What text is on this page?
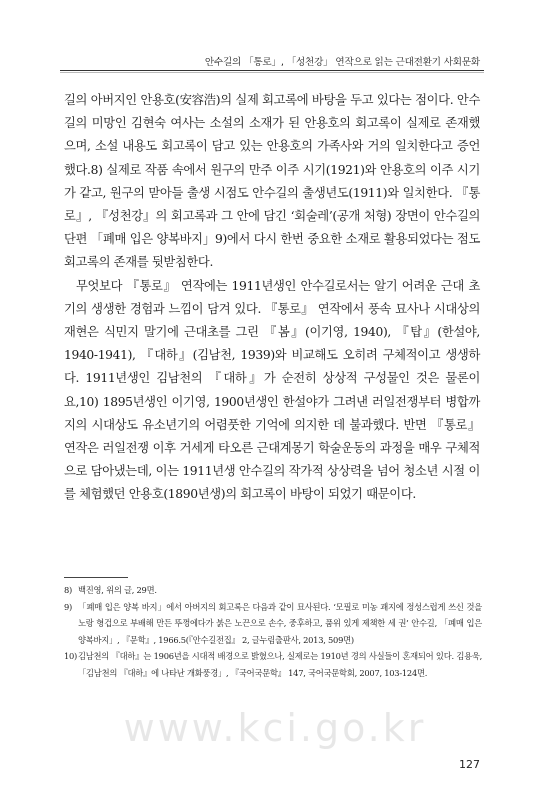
안수길의 「통로」, 「성천강」 연작으로 읽는 근대전환기 사회문화

길의 아버지인 안용호(安容浩)의 실제 회고록에 바탕을 두고 있다는 점이다. 안수길의 미망인 김현숙 여사는 소설의 소재가 된 안용호의 회고록이 실제로 존재했으며, 소설 내용도 회고록이 담고 있는 안용호의 가족사와 거의 일치한다고 증언했다.8) 실제로 작품 속에서 원구의 만주 이주 시기(1921)와 안용호의 이주 시기가 같고, 원구의 맏아들 출생 시점도 안수길의 출생년도(1911)와 일치한다. 『통로』, 『성천강』의 회고록과 그 안에 담긴 ‘회술레’(공개 처형) 장면이 안수길의 단편 「폐매 입은 양복바지」9)에서 다시 한번 중요한 소재로 활용되었다는 점도 회고록의 존재를 뒷받침한다.

무엇보다 『통로』 연작에는 1911년생인 안수길로서는 알기 어려운 근대 초기의 생생한 경험과 느낌이 담겨 있다. 『통로』 연작에서 풍속 묘사나 시대상의 재현은 식민지 말기에 근대초를 그린 『봄』(이기영, 1940), 『탑』(한설야, 1940-1941), 『대하』(김남천, 1939)와 비교해도 오히려 구체적이고 생생하다. 1911년생인 김남천의 『대하』가 순전히 상상적 구성물인 것은 물론이요,10) 1895년생인 이기영, 1900년생인 한설야가 그려낸 러일전쟁부터 병합까지의 시대상도 유소년기의 어렴풋한 기억에 의지한 데 불과했다. 반면 『통로』 연작은 러일전쟁 이후 거세게 타오른 근대계몽기 학술운동의 과정을 매우 구체적으로 담아냈는데, 이는 1911년생 안수길의 작가적 상상력을 넘어 청소년 시절 이를 체험했던 안용호(1890년생)의 회고록이 바탕이 되었기 때문이다.

8) 백진영, 위의 글, 29면.
9) 「폐매 입은 양복 바지」에서 아버지의 회고록은 다음과 같이 묘사된다. ‘모필로 미농 괘지에 정성스럽게 쓰신 것을 노랑 형겁으로 부배해 만든 뚜껑에다가 붉은 노끈으로 손수, 중후하고, 품위 있게 제책한 세 권’ 안수길, 「폐매 입은 양복바지」, 『문학』, 1966.5(『안수길전집』 2, 글누림출판사, 2013, 509면)
10) 김남천의 『대하』는 1906년을 시대적 배경으로 밝혔으나, 실제로는 1910년 경의 사실들이 혼재되어 있다. 김용욱, 「김남천의 『대하』에 나타난 개화풍경」, 『국어국문학』 147, 국어국문학회, 2007, 103-124면.
www.kci.go.kr
127
